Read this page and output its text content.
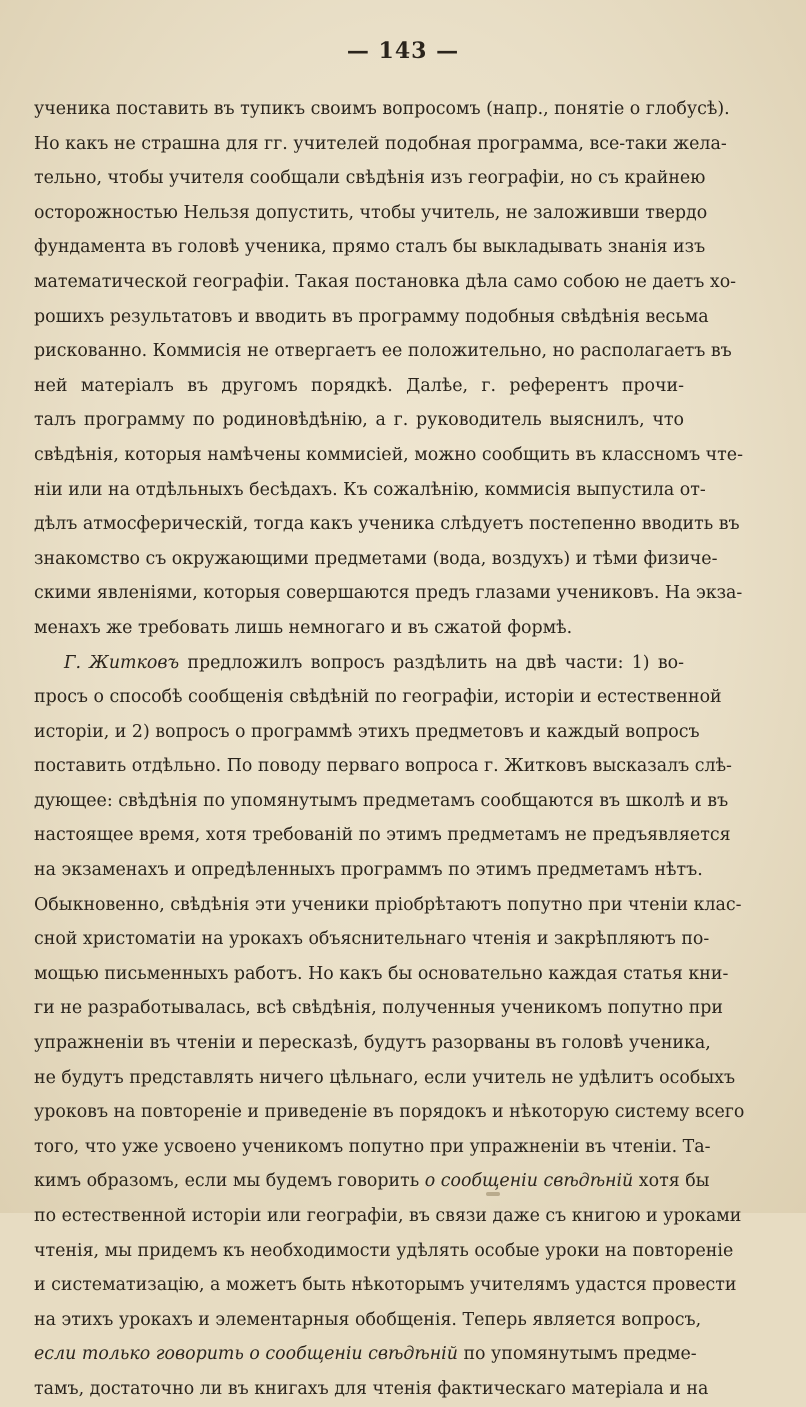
— 143 —
ученика поставить въ тупикъ своимъ вопросомъ (напр., понятіе о глобусѣ).
Но какъ не страшна для гг. учителей подобная программа, все-таки жела-
тельно, чтобы учителя сообщали свѣдѣнія изъ географіи, но съ крайнею
осторожностью Нельзя допустить, чтобы учитель, не заложивши твердо
фундамента въ головѣ ученика, прямо сталъ бы выкладывать знанія изъ
математической географіи. Такая постановка дѣла само собою не даетъ хо-
рошихъ результатовъ и вводить въ программу подобныя свѣдѣнія весьма
рискованно. Коммисія не отвергаетъ ее положительно, но располагаетъ въ
ней матеріалъ въ другомъ порядкѣ. Далѣе, г. референтъ прочи-
талъ программу по родиновѣдѣнію, а г. руководитель выяснилъ, что
свѣдѣнія, которыя намѣчены коммисіей, можно сообщить въ классномъ чте-
ніи или на отдѣльныхъ бесѣдахъ. Къ сожалѣнію, коммисія выпустила от-
дѣлъ атмосферическій, тогда какъ ученика слѣдуетъ постепенно вводить въ
знакомство съ окружающими предметами (вода, воздухъ) и тѣми физиче-
скими явленіями, которыя совершаются предъ глазами учениковъ. На экза-
менахъ же требовать лишь немногаго и въ сжатой формѣ.
Г. Житковъ предложилъ вопросъ раздѣлить на двѣ части: 1) во-
просъ о способѣ сообщенія свѣдѣній по географіи, исторіи и естественной
исторіи, и 2) вопросъ о программѣ этихъ предметовъ и каждый вопросъ
поставить отдѣльно. По поводу перваго вопроса г. Житковъ высказалъ слѣ-
дующее: свѣдѣнія по упомянутымъ предметамъ сообщаются въ школѣ и въ
настоящее время, хотя требованій по этимъ предметамъ не предъявляется
на экзаменахъ и опредѣленныхъ программъ по этимъ предметамъ нѣтъ.
Обыкновенно, свѣдѣнія эти ученики пріобрѣтаютъ попутно при чтеніи клас-
сной христоматіи на урокахъ объяснительнаго чтенія и закрѣпляютъ по-
мощью письменныхъ работъ. Но какъ бы основательно каждая статья кни-
ги не разработывалась, всѣ свѣдѣнія, полученныя ученикомъ попутно при
упражненіи въ чтеніи и пересказѣ, будутъ разорваны въ головѣ ученика,
не будутъ представлять ничего цѣльнаго, если учитель не удѣлитъ особыхъ
уроковъ на повтореніе и приведеніе въ порядокъ и нѣкоторую систему всего
того, что уже усвоено ученикомъ попутно при упражненіи въ чтеніи. Та-
кимъ образомъ, если мы будемъ говорить о сообщеніи свѣдѣній хотя бы
по естественной исторіи или географіи, въ связи даже съ книгою и уроками
чтенія, мы придемъ къ необходимости удѣлять особые уроки на повтореніе
и систематизацію, а можетъ быть нѣкоторымъ учителямъ удастся провести
на этихъ урокахъ и элементарныя обобщенія. Теперь является вопросъ,
если только говорить о сообщеніи свѣдѣній по упомянутымъ предме-
тамъ, достаточно ли въ книгахъ для чтенія фактическаго матеріала и на
